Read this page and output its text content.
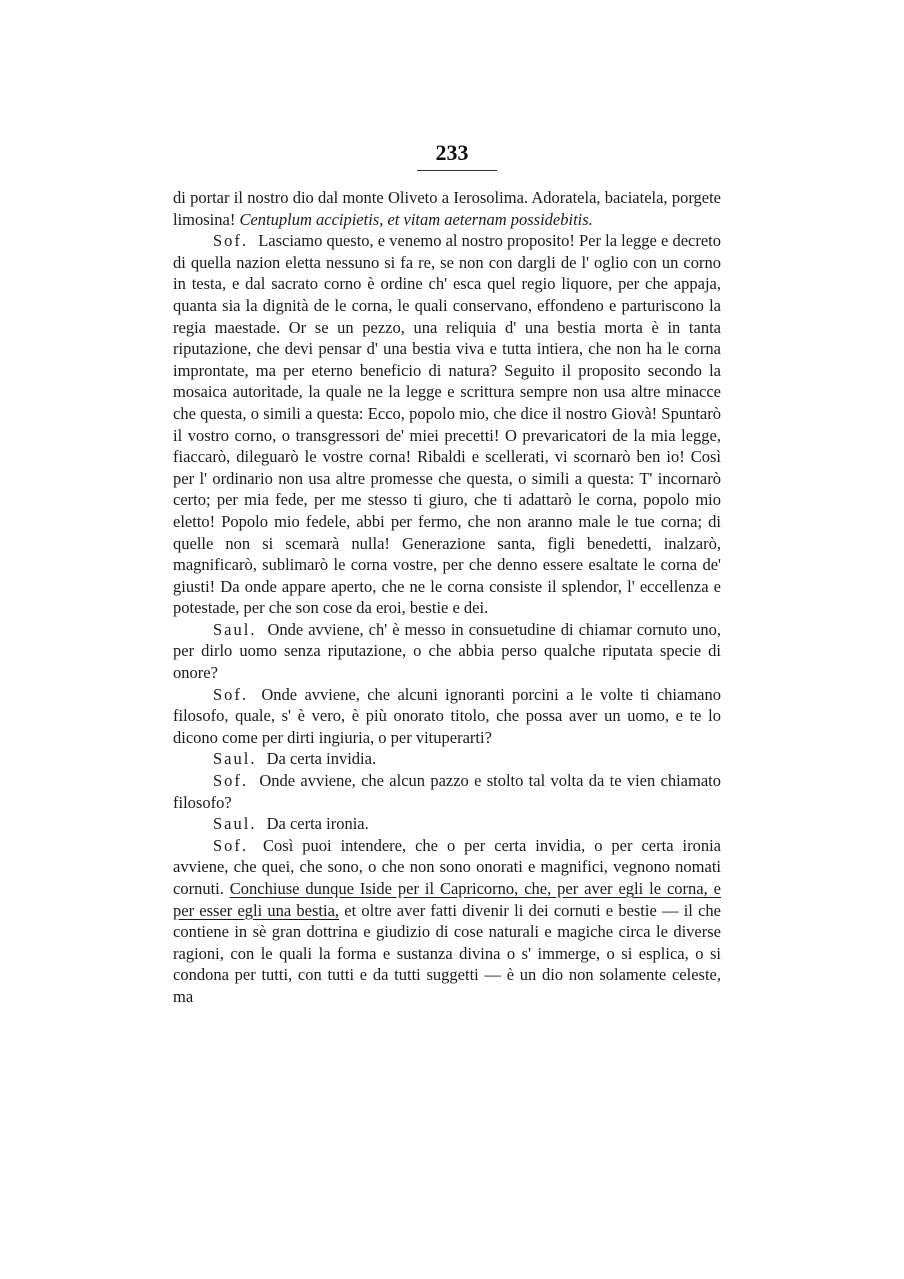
233

di portar il nostro dio dal monte Oliveto a Ierosolima. Adoratela, baciatela, porgete limosina! Centuplum accipietis, et vitam aeternam possidebitis.

Sof. Lasciamo questo, e venemo al nostro proposito! Per la legge e decreto di quella nazion eletta nessuno si fa re, se non con dargli de l' oglio con un corno in testa, e dal sacrato corno è ordine ch' esca quel regio liquore, per che appaja, quanta sia la dignità de le corna, le quali conservano, effondeno e parturiscono la regia maestade. Or se un pezzo, una reliquia d' una bestia morta è in tanta riputazione, che devi pensar d' una bestia viva e tutta intiera, che non ha le corna improntate, ma per eterno beneficio di natura? Seguito il proposito secondo la mosaica autoritade, la quale ne la legge e scrittura sempre non usa altre minacce che questa, o simili a questa: Ecco, popolo mio, che dice il nostro Giovà! Spuntarò il vostro corno, o transgressori de' miei precetti! O prevaricatori de la mia legge, fiaccarò, dileguarò le vostre corna! Ribaldi e scellerati, vi scornarò ben io! Così per l' ordinario non usa altre promesse che questa, o simili a questa: T' incornarò certo; per mia fede, per me stesso ti giuro, che ti adattarò le corna, popolo mio eletto! Popolo mio fedele, abbi per fermo, che non aranno male le tue corna; di quelle non si scemarà nulla! Generazione santa, figli benedetti, inalzarò, magnificarò, sublimarò le corna vostre, per che denno essere esaltate le corna de' giusti! Da onde appare aperto, che ne le corna consiste il splendor, l' eccellenza e potestade, per che son cose da eroi, bestie e dei.

Saul. Onde avviene, ch' è messo in consuetudine di chiamar cornuto uno, per dirlo uomo senza riputazione, o che abbia perso qualche riputata specie di onore?

Sof. Onde avviene, che alcuni ignoranti porcini a le volte ti chiamano filosofo, quale, s' è vero, è più onorato titolo, che possa aver un uomo, e te lo dicono come per dirti ingiuria, o per vituperarti?

Saul. Da certa invidia.

Sof. Onde avviene, che alcun pazzo e stolto tal volta da te vien chiamato filosofo?

Saul. Da certa ironia.

Sof. Così puoi intendere, che o per certa invidia, o per certa ironia avviene, che quei, che sono, o che non sono onorati e magnifici, vegnono nomati cornuti. Conchiuse dunque Iside per il Capricorno, che, per aver egli le corna, e per esser egli una bestia, et oltre aver fatti divenir li dei cornuti e bestie — il che contiene in sè gran dottrina e giudizio di cose naturali e magiche circa le diverse ragioni, con le quali la forma e sustanza divina o s' immerge, o si esplica, o si condona per tutti, con tutti e da tutti suggetti — è un dio non solamente celeste, ma
